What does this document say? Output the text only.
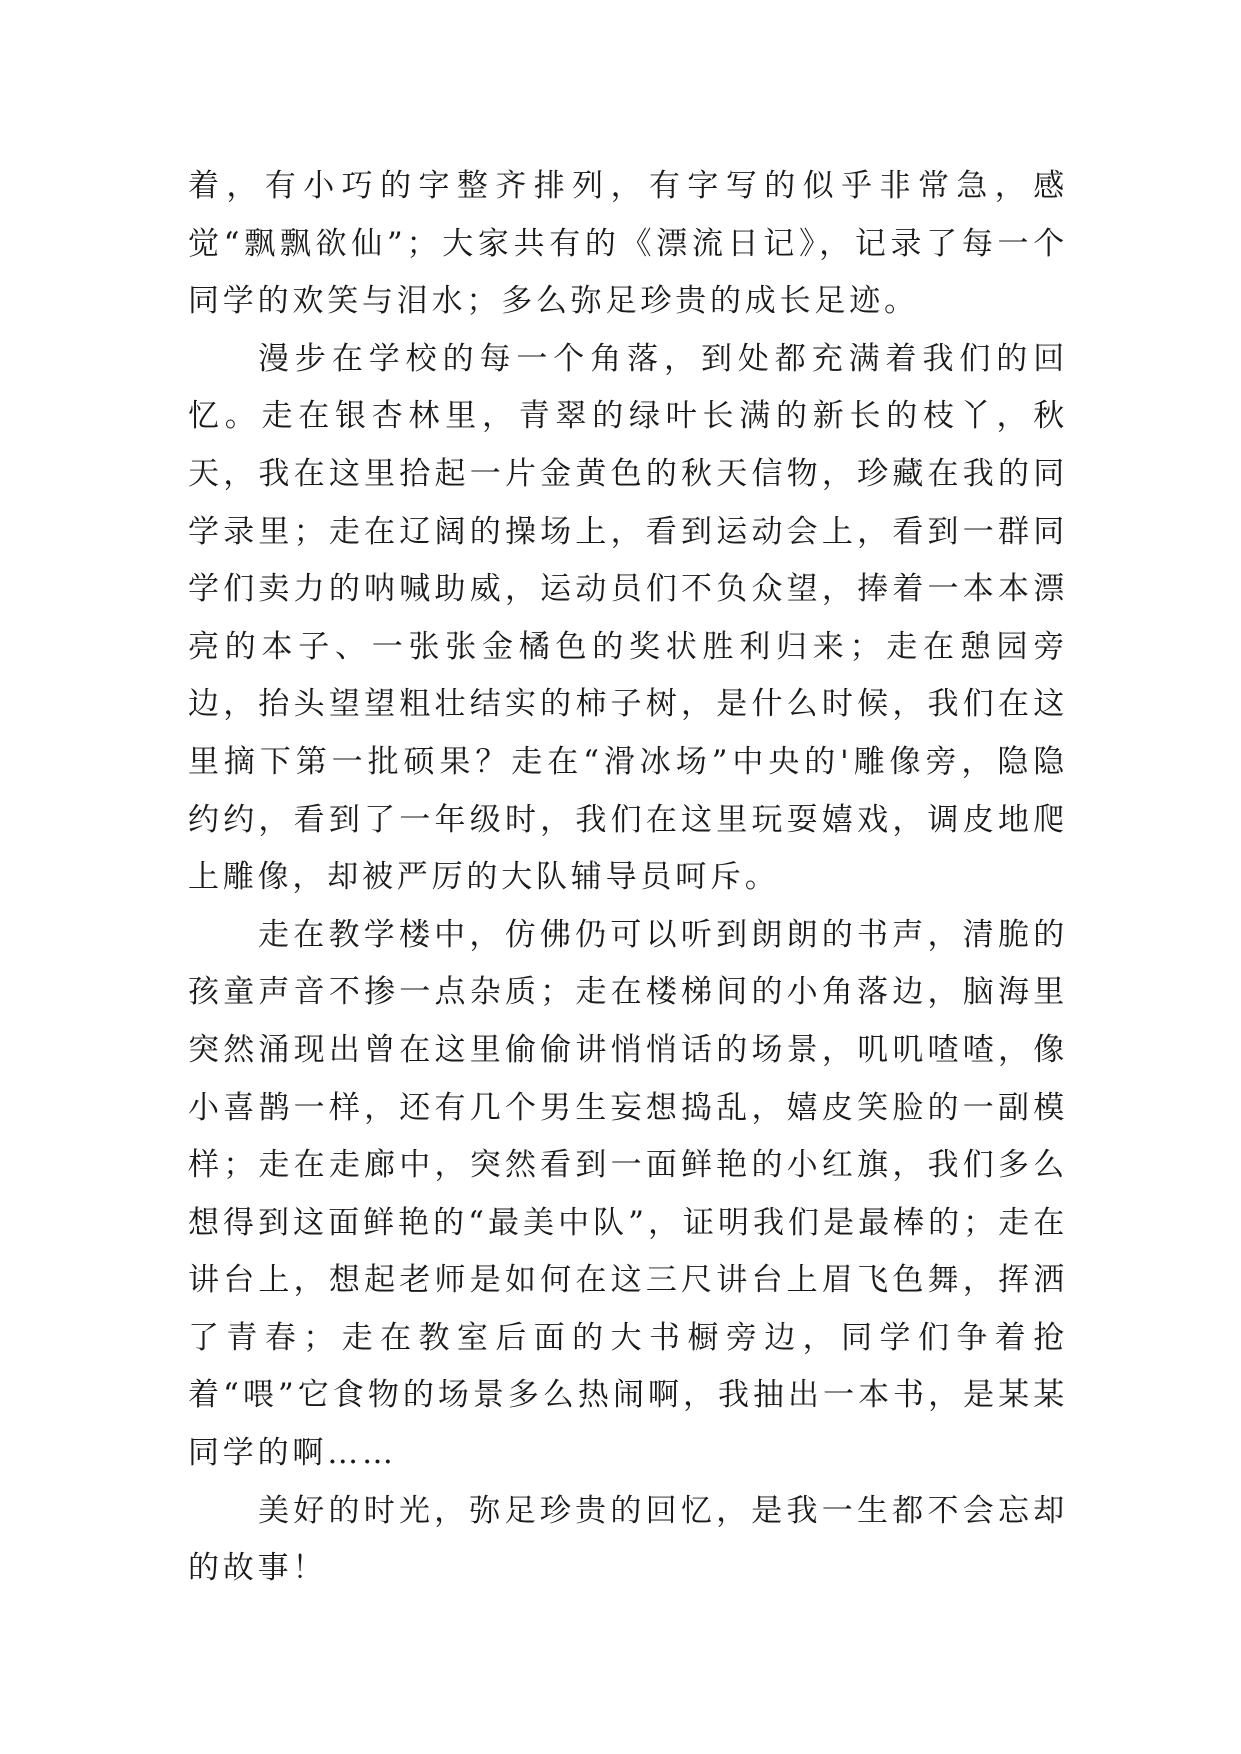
着，有小巧的字整齐排列，有字写的似乎非常急，感觉“飘飘欲仙”；大家共有的《漂流日记》，记录了每一个同学的欢笑与泪水；多么弥足珍贵的成长足迹。

漫步在学校的每一个角落，到处都充满着我们的回忆。走在银杏林里，青翠的绿叶长满的新长的枝丫，秋天，我在这里拾起一片金黄色的秋天信物，珍藏在我的同学录里；走在辽阔的操场上，看到运动会上，看到一群同学们卖力的呐喊助威，运动员们不负众望，捧着一本本漂亮的本子、一张张金橘色的奖状胜利归来；走在憩园旁边，抬头望望粗壮结实的柿子树，是什么时候，我们在这里摘下第一批硕果？走在“滑冰场”中央的'雕像旁，隐隐约约，看到了一年级时，我们在这里玩耍嬉戏，调皮地爬上雕像，却被严厉的大队辅导员呵斥。

走在教学楼中，仿佛仍可以听到朗朗的书声，清脆的孩童声音不掺一点杂质；走在楼梯间的小角落边，脑海里突然涌现出曾在这里偷偷讲悄悄话的场景，叽叽喳喳，像小喜鹊一样，还有几个男生妄想捣乱，嬉皮笑脸的一副模样；走在走廊中，突然看到一面鲜艳的小红旗，我们多么想得到这面鲜艳的“最美中队”，证明我们是最棒的；走在讲台上，想起老师是如何在这三尺讲台上眉飞色舞，挥洒了青春；走在教室后面的大书橱旁边，同学们争着抢着“喂”它食物的场景多么热闹啊，我抽出一本书，是某某同学的啊……

美好的时光，弥足珍贵的回忆，是我一生都不会忘却的故事！
